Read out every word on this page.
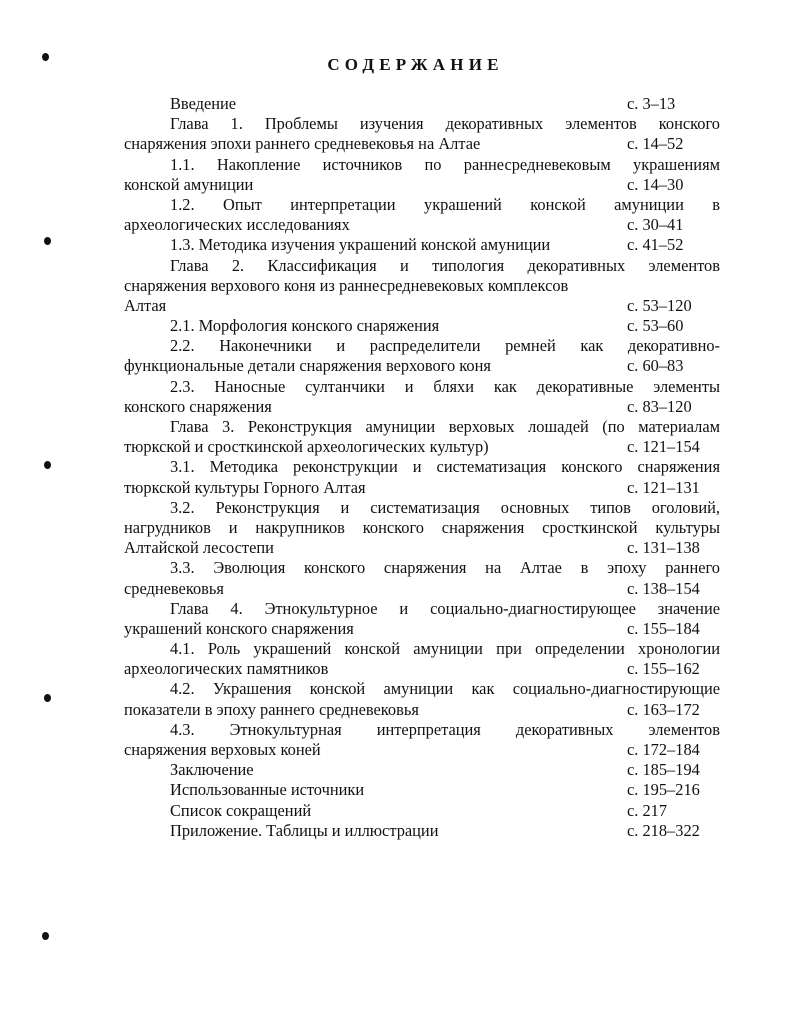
СОДЕРЖАНИЕ
Введение	с. 3–13
Глава 1. Проблемы изучения декоративных элементов конского
снаряжения эпохи раннего средневековья на Алтае	с. 14–52
1.1. Накопление источников по раннесредневековым украшениям
конской амуниции	с. 14–30
1.2. Опыт интерпретации украшений конской амуниции в
археологических исследованиях	с. 30–41
1.3. Методика изучения украшений конской амуниции	с. 41–52
Глава 2. Классификация и типология декоративных элементов
снаряжения верхового коня из раннесредневековых комплексов
Алтая	с. 53–120
2.1. Морфология конского снаряжения	с. 53–60
2.2. Наконечники и распределители ремней как декоративно-
функциональные детали снаряжения верхового коня	с. 60–83
2.3. Наносные султанчики и бляхи как декоративные элементы
конского снаряжения	с. 83–120
Глава 3. Реконструкция амуниции верховых лошадей (по материалам
тюркской и сросткинской археологических культур)	с. 121–154
3.1. Методика реконструкции и систематизация конского снаряжения
тюркской культуры Горного Алтая	с. 121–131
3.2. Реконструкция и систематизация основных типов оголовий,
нагрудников и накрупников конского снаряжения сросткинской культуры
Алтайской лесостепи	с. 131–138
3.3. Эволюция конского снаряжения на Алтае в эпоху раннего
средневековья	с. 138–154
Глава 4. Этнокультурное и социально-диагностирующее значение
украшений конского снаряжения	с. 155–184
4.1. Роль украшений конской амуниции при определении хронологии
археологических памятников	с. 155–162
4.2. Украшения конской амуниции как социально-диагностирующие
показатели в эпоху раннего средневековья	с. 163–172
4.3. Этнокультурная интерпретация декоративных элементов
снаряжения верховых коней	с. 172–184
Заключение	с. 185–194
Использованные источники	с. 195–216
Список сокращений	с. 217
Приложение. Таблицы и иллюстрации	с. 218–322
